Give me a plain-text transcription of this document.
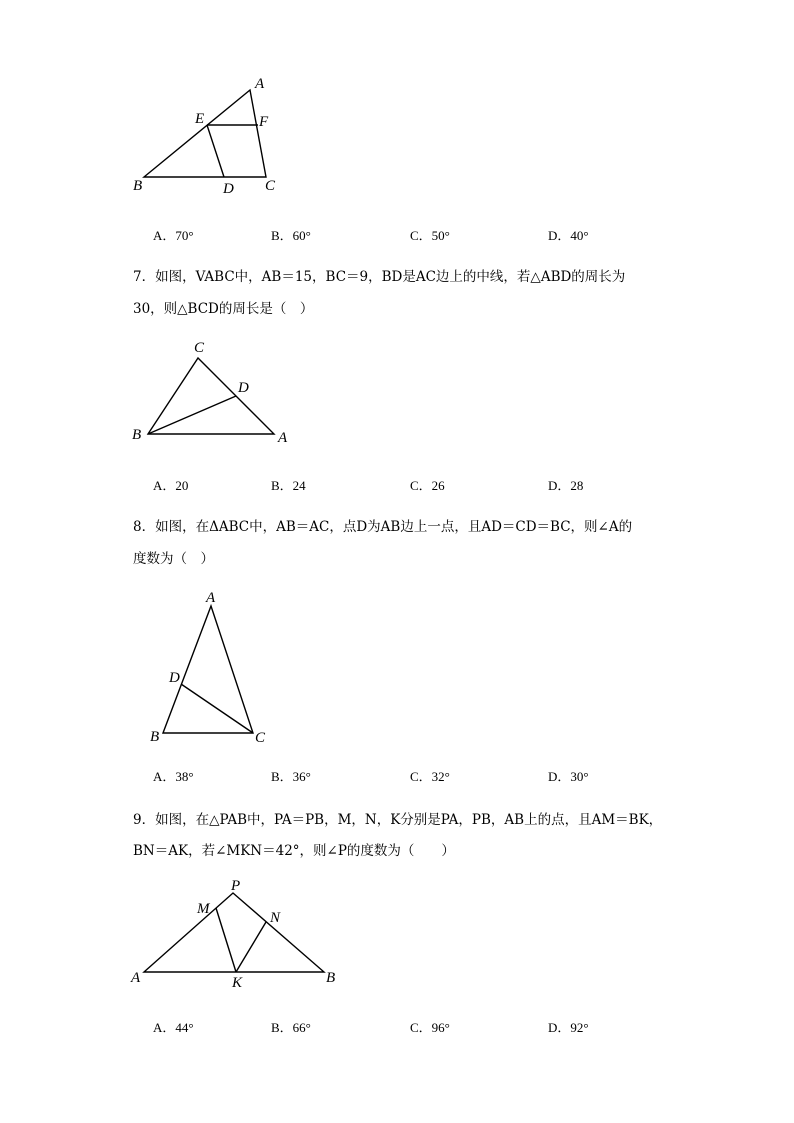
A
E	F
B	D C
C
D
B	A
A
D
B	C
P
M
N
A	K	B
A．70°	B．60°	C．50°	D．40°
7．如图，VABC中，AB＝15，BC＝9，BD是AC边上的中线，若△ABD的周长为
30，则△BCD的周长是（　）
A．20	B．24	C．26	D．28
8．如图，在ΔABC中，AB＝AC，点D为AB边上一点，且AD＝CD＝BC，则∠A的
度数为（　）
A．38°	B．36°	C．32°	D．30°
9．如图，在△PAB中，PA＝PB，M，N，K分别是PA，PB，AB上的点，且AM＝BK，
BN＝AK，若∠MKN＝42°，则∠P的度数为（　　）
A．44°	B．66°	C．96°	D．92°
